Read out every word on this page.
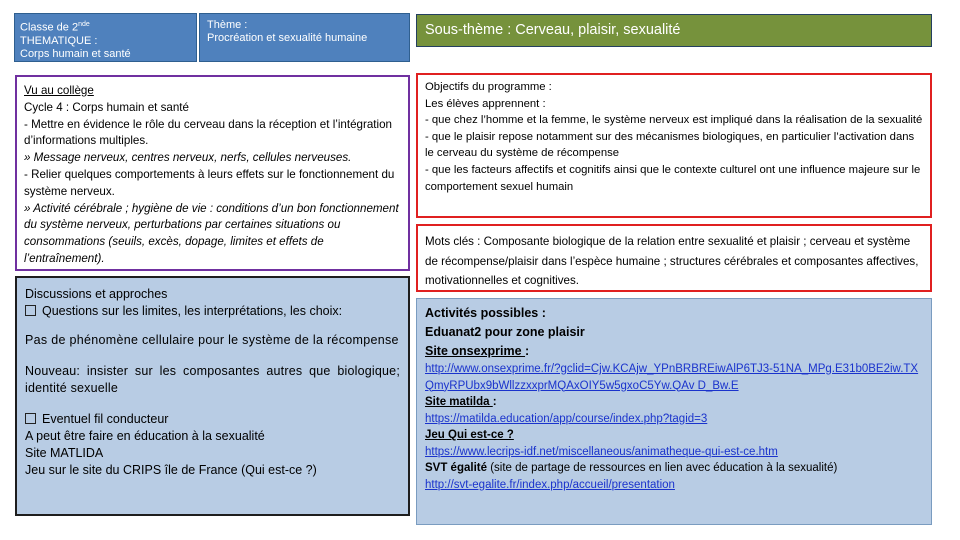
Classe de 2nde
THEMATIQUE :
Corps humain et santé
Thème :
Procréation et sexualité humaine	Sous-thème : Cerveau, plaisir, sexualité

Vu au collège

Cycle 4 : Corps humain et santé

- Mettre en évidence le rôle du cerveau dans la réception et l’intégration d’informations multiples.

» Message nerveux, centres nerveux, nerfs, cellules nerveuses.

- Relier quelques comportements à leurs effets sur le fonctionnement du système nerveux.

» Activité cérébrale ; hygiène de vie : conditions d’un bon fonctionnement du système nerveux, perturbations par certaines situations ou consommations (seuils, excès, dopage, limites et effets de l’entraînement).

Discussions et approches

Questions sur les limites, les interprétations, les choix:

Pas de phénomène cellulaire pour le système de la récompense

Nouveau: insister sur les composantes autres que biologique; identité sexuelle

Eventuel fil conducteur

A peut être faire en éducation à la sexualité

Site MATLIDA

Jeu sur le site du CRIPS île de France (Qui est-ce ?)

Objectifs du programme :

Les élèves apprennent :

- que chez l’homme et la femme, le système nerveux est impliqué dans la réalisation de la sexualité

- que le plaisir repose notamment sur des mécanismes biologiques, en particulier l’activation dans le cerveau du système de récompense

- que les facteurs affectifs et cognitifs ainsi que le contexte culturel ont une influence majeure sur le comportement sexuel humain

Mots clés : Composante biologique de la relation entre sexualité et plaisir ; cerveau et système de récompense/plaisir dans l’espèce humaine ; structures cérébrales et composantes affectives, motivationnelles et cognitives.

Activités possibles :

Eduanat2 pour zone plaisir

Site onsexprime :

http://www.onsexprime.fr/?gclid=Cjw.KCAjw_YPnBRBREiwAlP6TJ3-51NA_MPg.E31b0BE2iw.TXQmyRPUbx9bWllzzxxprMQAxOIY5w5gxoC5Yw.QAv D_Bw.E

Site matilda :

https://matilda.education/app/course/index.php?tagid=3

Jeu Qui est-ce ?

https://www.lecrips-idf.net/miscellaneous/animatheque-qui-est-ce.htm

SVT égalité (site de partage de ressources en lien avec éducation à la sexualité)

http://svt-egalite.fr/index.php/accueil/presentation
